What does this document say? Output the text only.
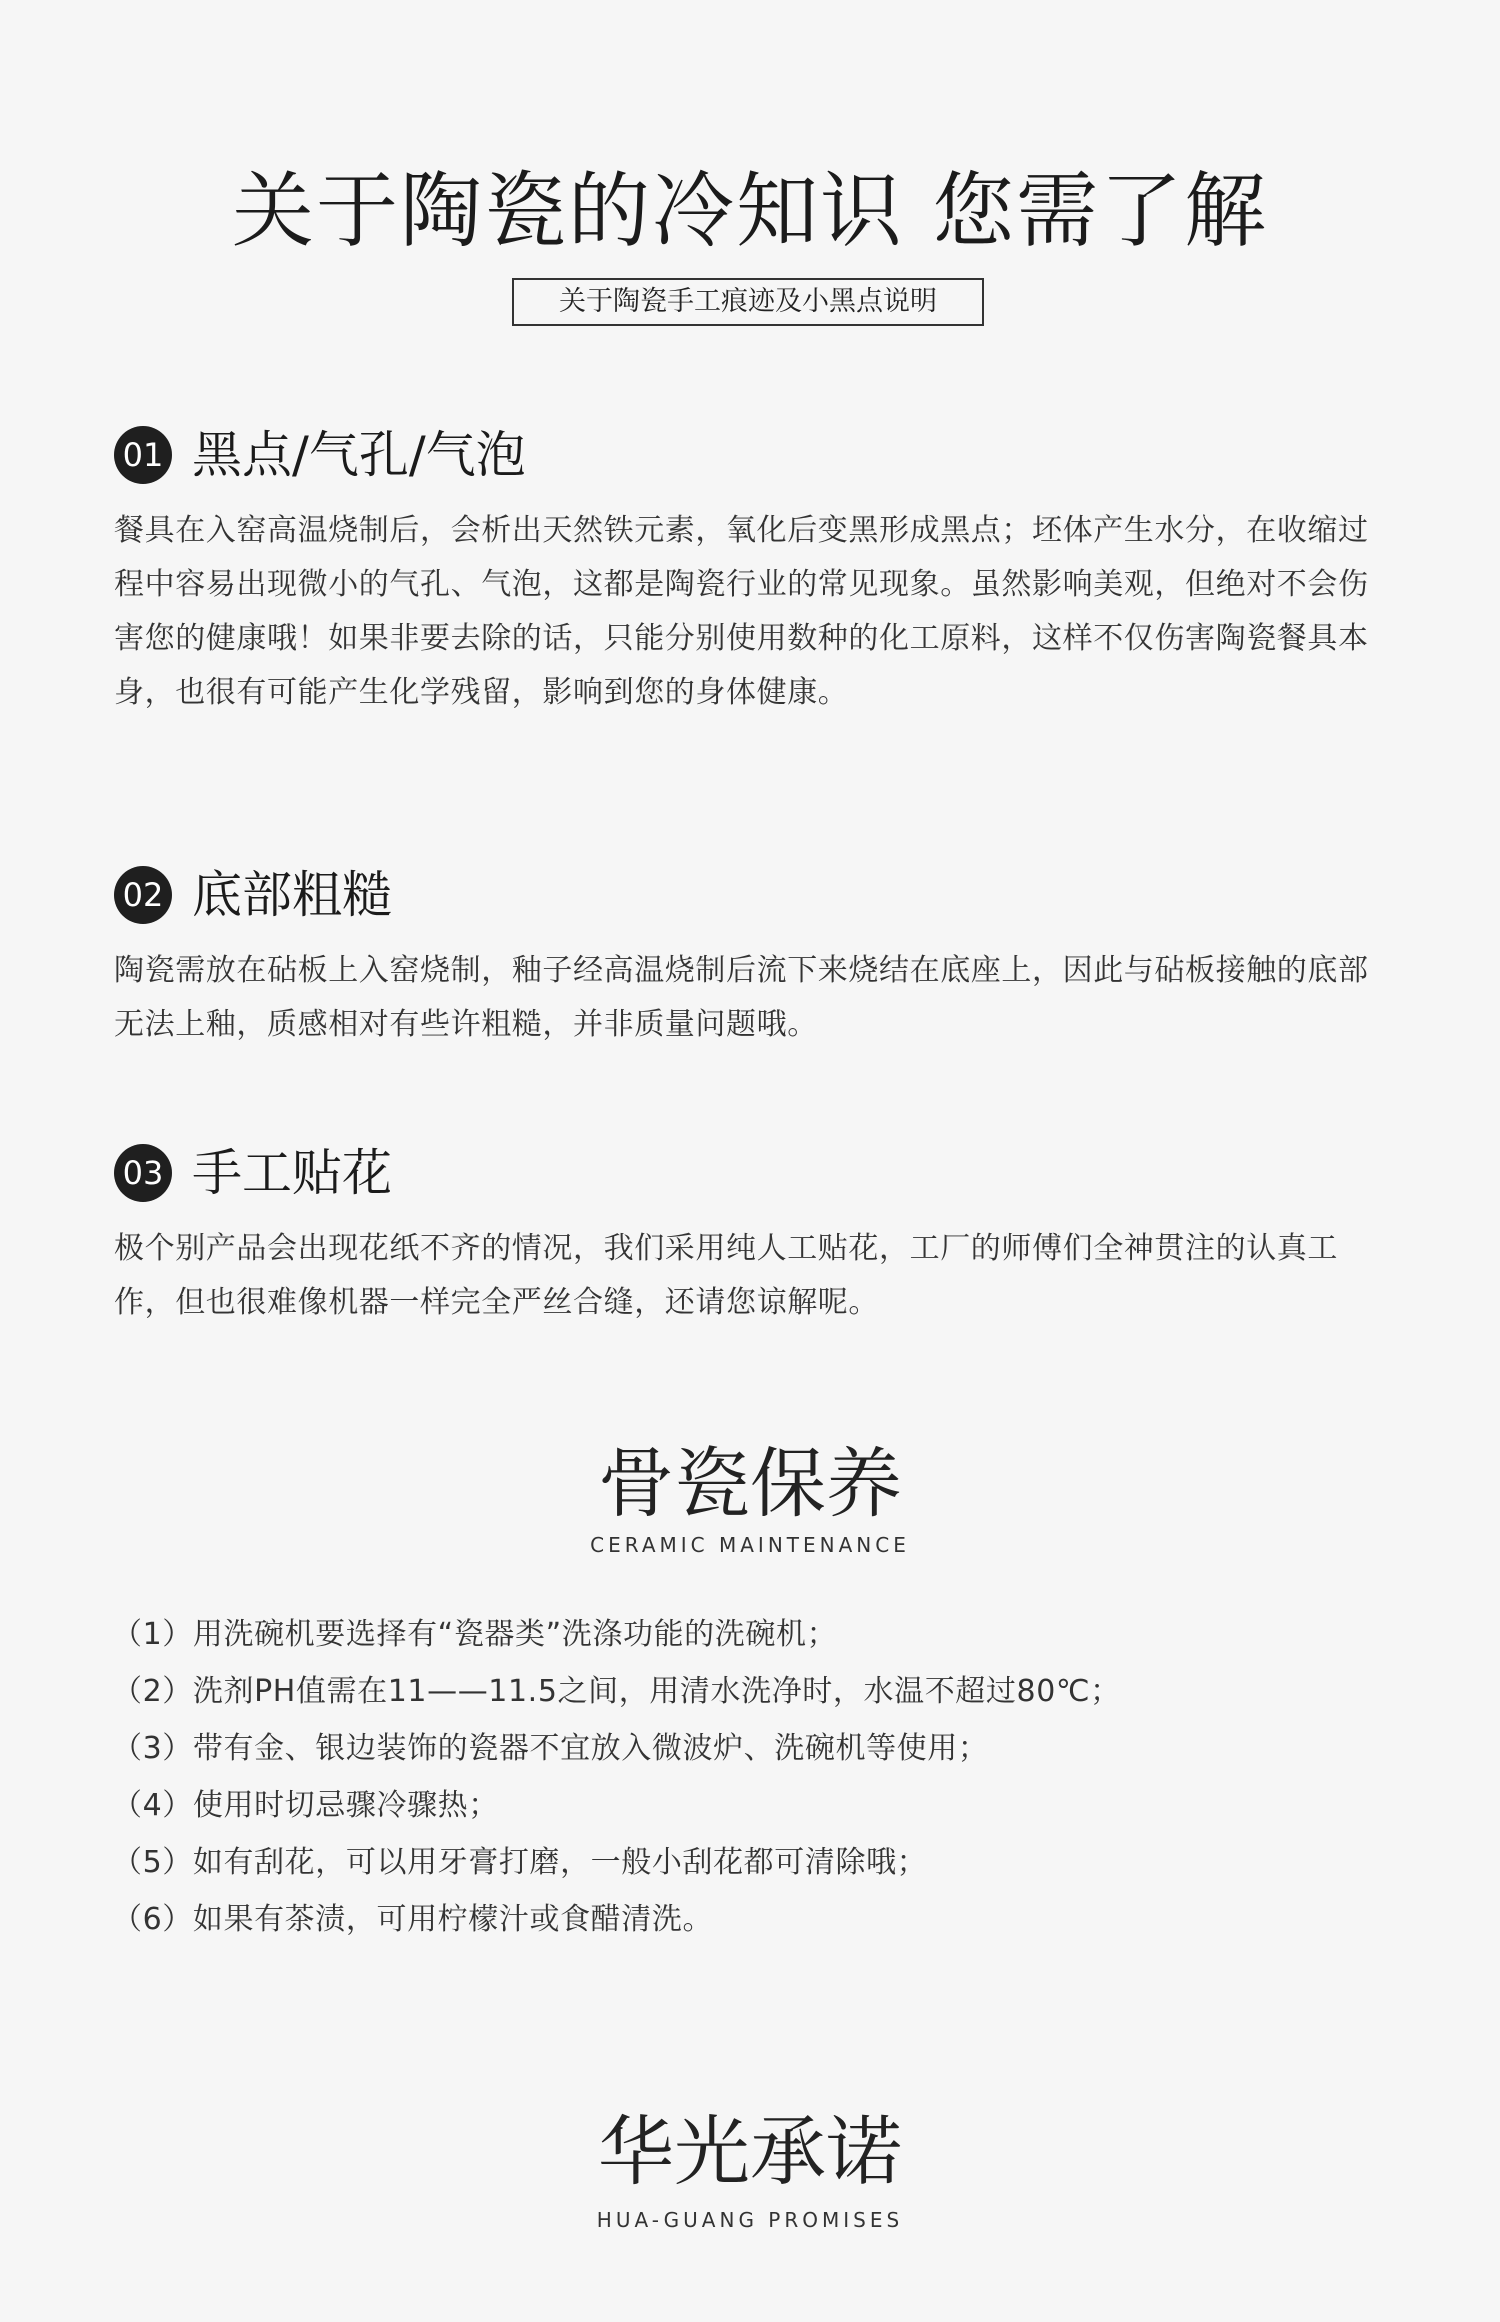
关于陶瓷的冷知识 您需了解
关于陶瓷手工痕迹及小黑点说明
01 黑点/气孔/气泡
餐具在入窑高温烧制后，会析出天然铁元素，氧化后变黑形成黑点；坯体产生水分，在收缩过程中容易出现微小的气孔、气泡，这都是陶瓷行业的常见现象。虽然影响美观，但绝对不会伤害您的健康哦！如果非要去除的话，只能分别使用数种的化工原料，这样不仅伤害陶瓷餐具本身，也很有可能产生化学残留，影响到您的身体健康。
02 底部粗糙
陶瓷需放在砧板上入窑烧制，釉子经高温烧制后流下来烧结在底座上，因此与砧板接触的底部无法上釉，质感相对有些许粗糙，并非质量问题哦。
03 手工贴花
极个别产品会出现花纸不齐的情况，我们采用纯人工贴花，工厂的师傅们全神贯注的认真工作，但也很难像机器一样完全严丝合缝，还请您谅解呢。
骨瓷保养
CERAMIC MAINTENANCE
（1）用洗碗机要选择有“瓷器类”洗涤功能的洗碗机；
（2）洗剂PH值需在11——11.5之间，用清水洗净时，水温不超过80℃；
（3）带有金、银边装饰的瓷器不宜放入微波炉、洗碗机等使用；
（4）使用时切忌骤冷骤热；
（5）如有刮花，可以用牙膏打磨，一般小刮花都可清除哦；
（6）如果有茶渍，可用柠檬汁或食醋清洗。
华光承诺
HUA-GUANG PROMISES
